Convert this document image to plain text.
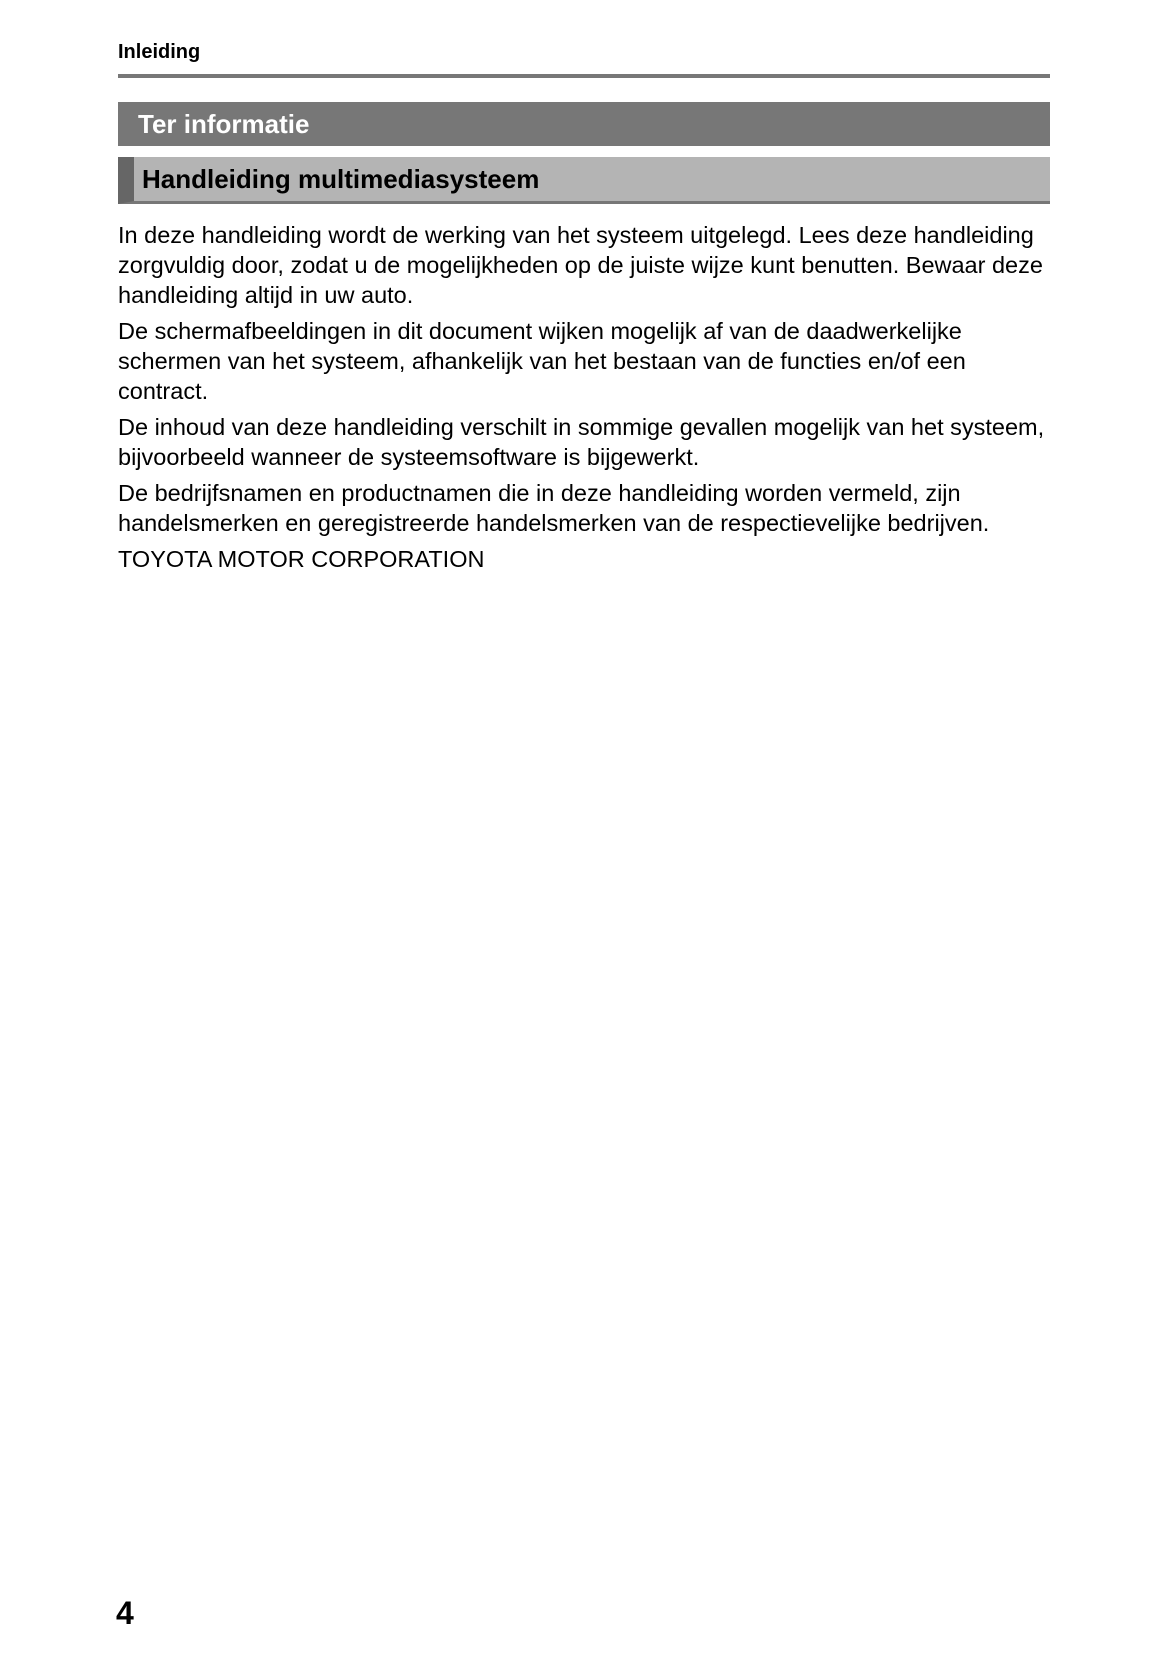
Inleiding
Ter informatie
Handleiding multimediasysteem

In deze handleiding wordt de werking van het systeem uitgelegd. Lees deze handleiding zorgvuldig door, zodat u de mogelijkheden op de juiste wijze kunt benutten. Bewaar deze handleiding altijd in uw auto.

De schermafbeeldingen in dit document wijken mogelijk af van de daadwerkelijke schermen van het systeem, afhankelijk van het bestaan van de functies en/of een contract.

De inhoud van deze handleiding verschilt in sommige gevallen mogelijk van het systeem, bijvoorbeeld wanneer de systeemsoftware is bijgewerkt.

De bedrijfsnamen en productnamen die in deze handleiding worden vermeld, zijn handelsmerken en geregistreerde handelsmerken van de respectievelijke bedrijven.

TOYOTA MOTOR CORPORATION

4
